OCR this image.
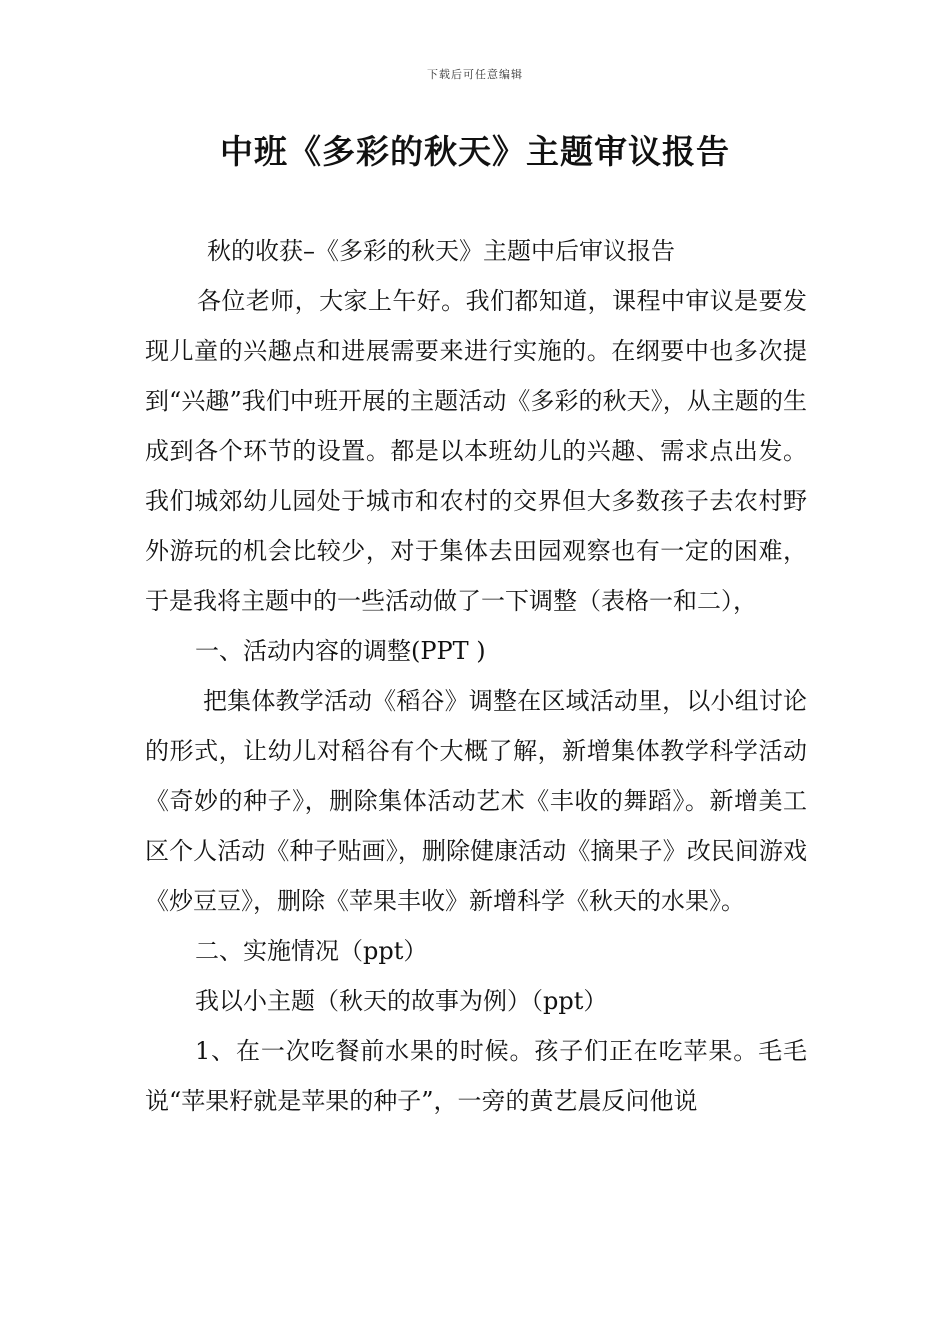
下载后可任意编辑
中班《多彩的秋天》主题审议报告

秋的收获–《多彩的秋天》主题中后审议报告

各位老师，大家上午好。我们都知道，课程中审议是要发现儿童的兴趣点和进展需要来进行实施的。在纲要中也多次提到“兴趣”我们中班开展的主题活动《多彩的秋天》，从主题的生成到各个环节的设置。都是以本班幼儿的兴趣、需求点出发。我们城郊幼儿园处于城市和农村的交界但大多数孩子去农村野外游玩的机会比较少，对于集体去田园观察也有一定的困难，于是我将主题中的一些活动做了一下调整（表格一和二），

一、活动内容的调整(PPT )

把集体教学活动《稻谷》调整在区域活动里，以小组讨论的形式，让幼儿对稻谷有个大概了解，新增集体教学科学活动《奇妙的种子》，删除集体活动艺术《丰收的舞蹈》。新增美工区个人活动《种子贴画》，删除健康活动《摘果子》改民间游戏《炒豆豆》，删除《苹果丰收》新增科学《秋天的水果》。

二、实施情况（ppt）

我以小主题（秋天的故事为例）（ppt）

1、在一次吃餐前水果的时候。孩子们正在吃苹果。毛毛说“苹果籽就是苹果的种子”，一旁的黄艺晨反问他说
